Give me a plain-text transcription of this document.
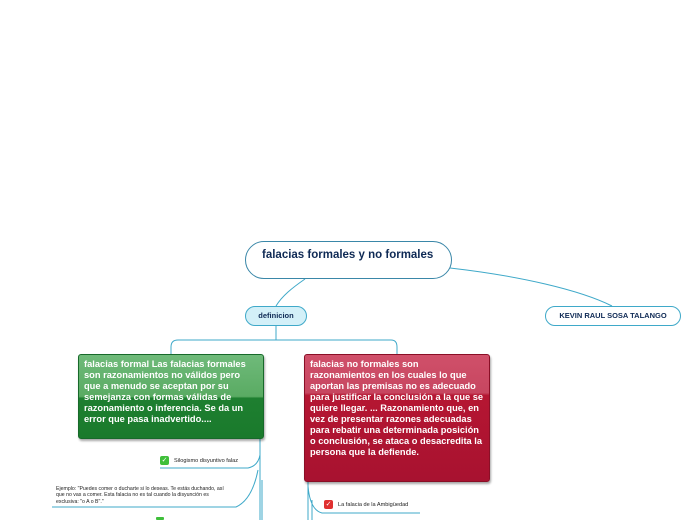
falacias formales y no formales
definicion	KEVIN RAUL SOSA TALANGO
falacias formal Las falacias formales son razonamientos no válidos pero que a menudo se aceptan por su semejanza con formas válidas de razonamiento o inferencia. Se da un error que pasa inadvertido....
falacias no formales son razonamientos en los cuales lo que aportan las premisas no es adecuado para justificar la conclusión a la que se quiere llegar. ... Razonamiento que, en vez de presentar razones adecuadas para rebatir una determinada posición o conclusión, se ataca o desacredita la persona que la defiende.
✓ Silogismo disyuntivo falaz
Ejemplo: "Puedes comer o ducharte si lo deseas. Te estás duchando, así que no vas a comer. Esta falacia no es tal cuando la disyunción es exclusiva: "o A o B"."	✓ La falacia de la Ambigüedad
